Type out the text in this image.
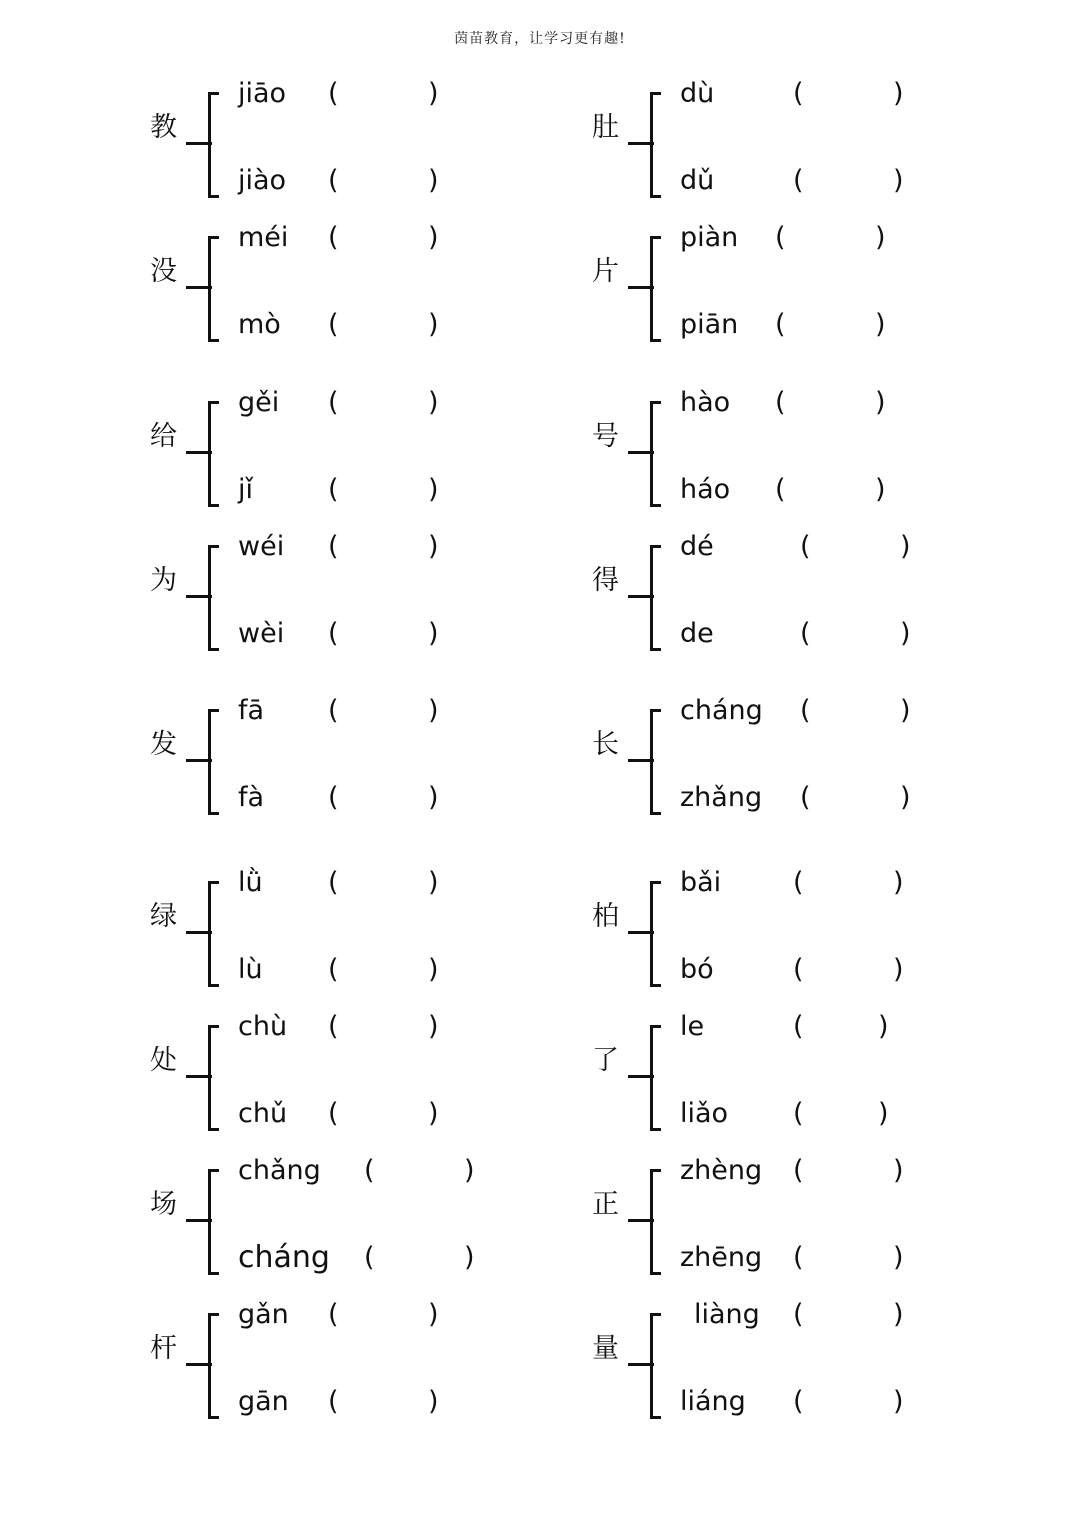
茵苗教育，让学习更有趣!
教
jiāo (	)
jiào (	)
肚
dù	(	)
dǔ	(	)
没
méi (	)
mò (	)
片
piàn (	)
piān (	)
给
gěi (	)
jǐ	(	)
号
hào (	)
háo (	)
为
wéi (	)
wèi (	)
得
dé	(	)
de	(	)
发
fā (	)
fà (	)
长
cháng (	)
zhǎng (	)
绿
lǜ (	)
lù (	)
柏
bǎi	(	)
bó	(	)
处
chù (	)
chǔ (	)
了
le	(	)
liǎo (	)
场
chǎng (	)
cháng (	)
正
zhèng (	)
zhēng (	)
杆
gǎn (	)
gān (	)
量
liàng (	)
liáng (	)
